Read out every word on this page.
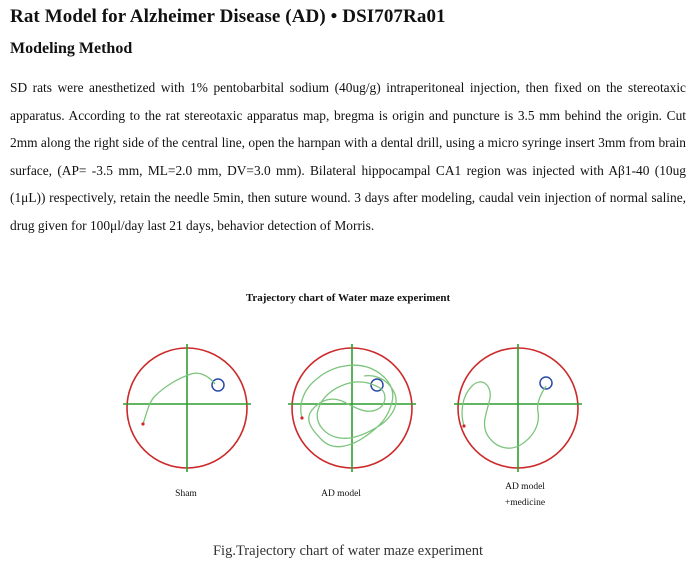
Rat Model for Alzheimer Disease (AD) • DSI707Ra01
Modeling Method
SD rats were anesthetized with 1% pentobarbital sodium (40ug/g) intraperitoneal injection, then fixed on the stereotaxic apparatus. According to the rat stereotaxic apparatus map, bregma is origin and puncture is 3.5 mm behind the origin. Cut 2mm along the right side of the central line, open the harnpan with a dental drill, using a micro syringe insert 3mm from brain surface, (AP= -3.5 mm, ML=2.0 mm, DV=3.0 mm). Bilateral hippocampal CA1 region was injected with Aβ1-40 (10ug (1μL)) respectively, retain the needle 5min, then suture wound. 3 days after modeling, caudal vein injection of normal saline, drug given for 100μl/day last 21 days, behavior detection of Morris.
Trajectory chart of Water maze experiment
Sham	AD model
AD model
+medicine
Fig.Trajectory chart of water maze experiment
